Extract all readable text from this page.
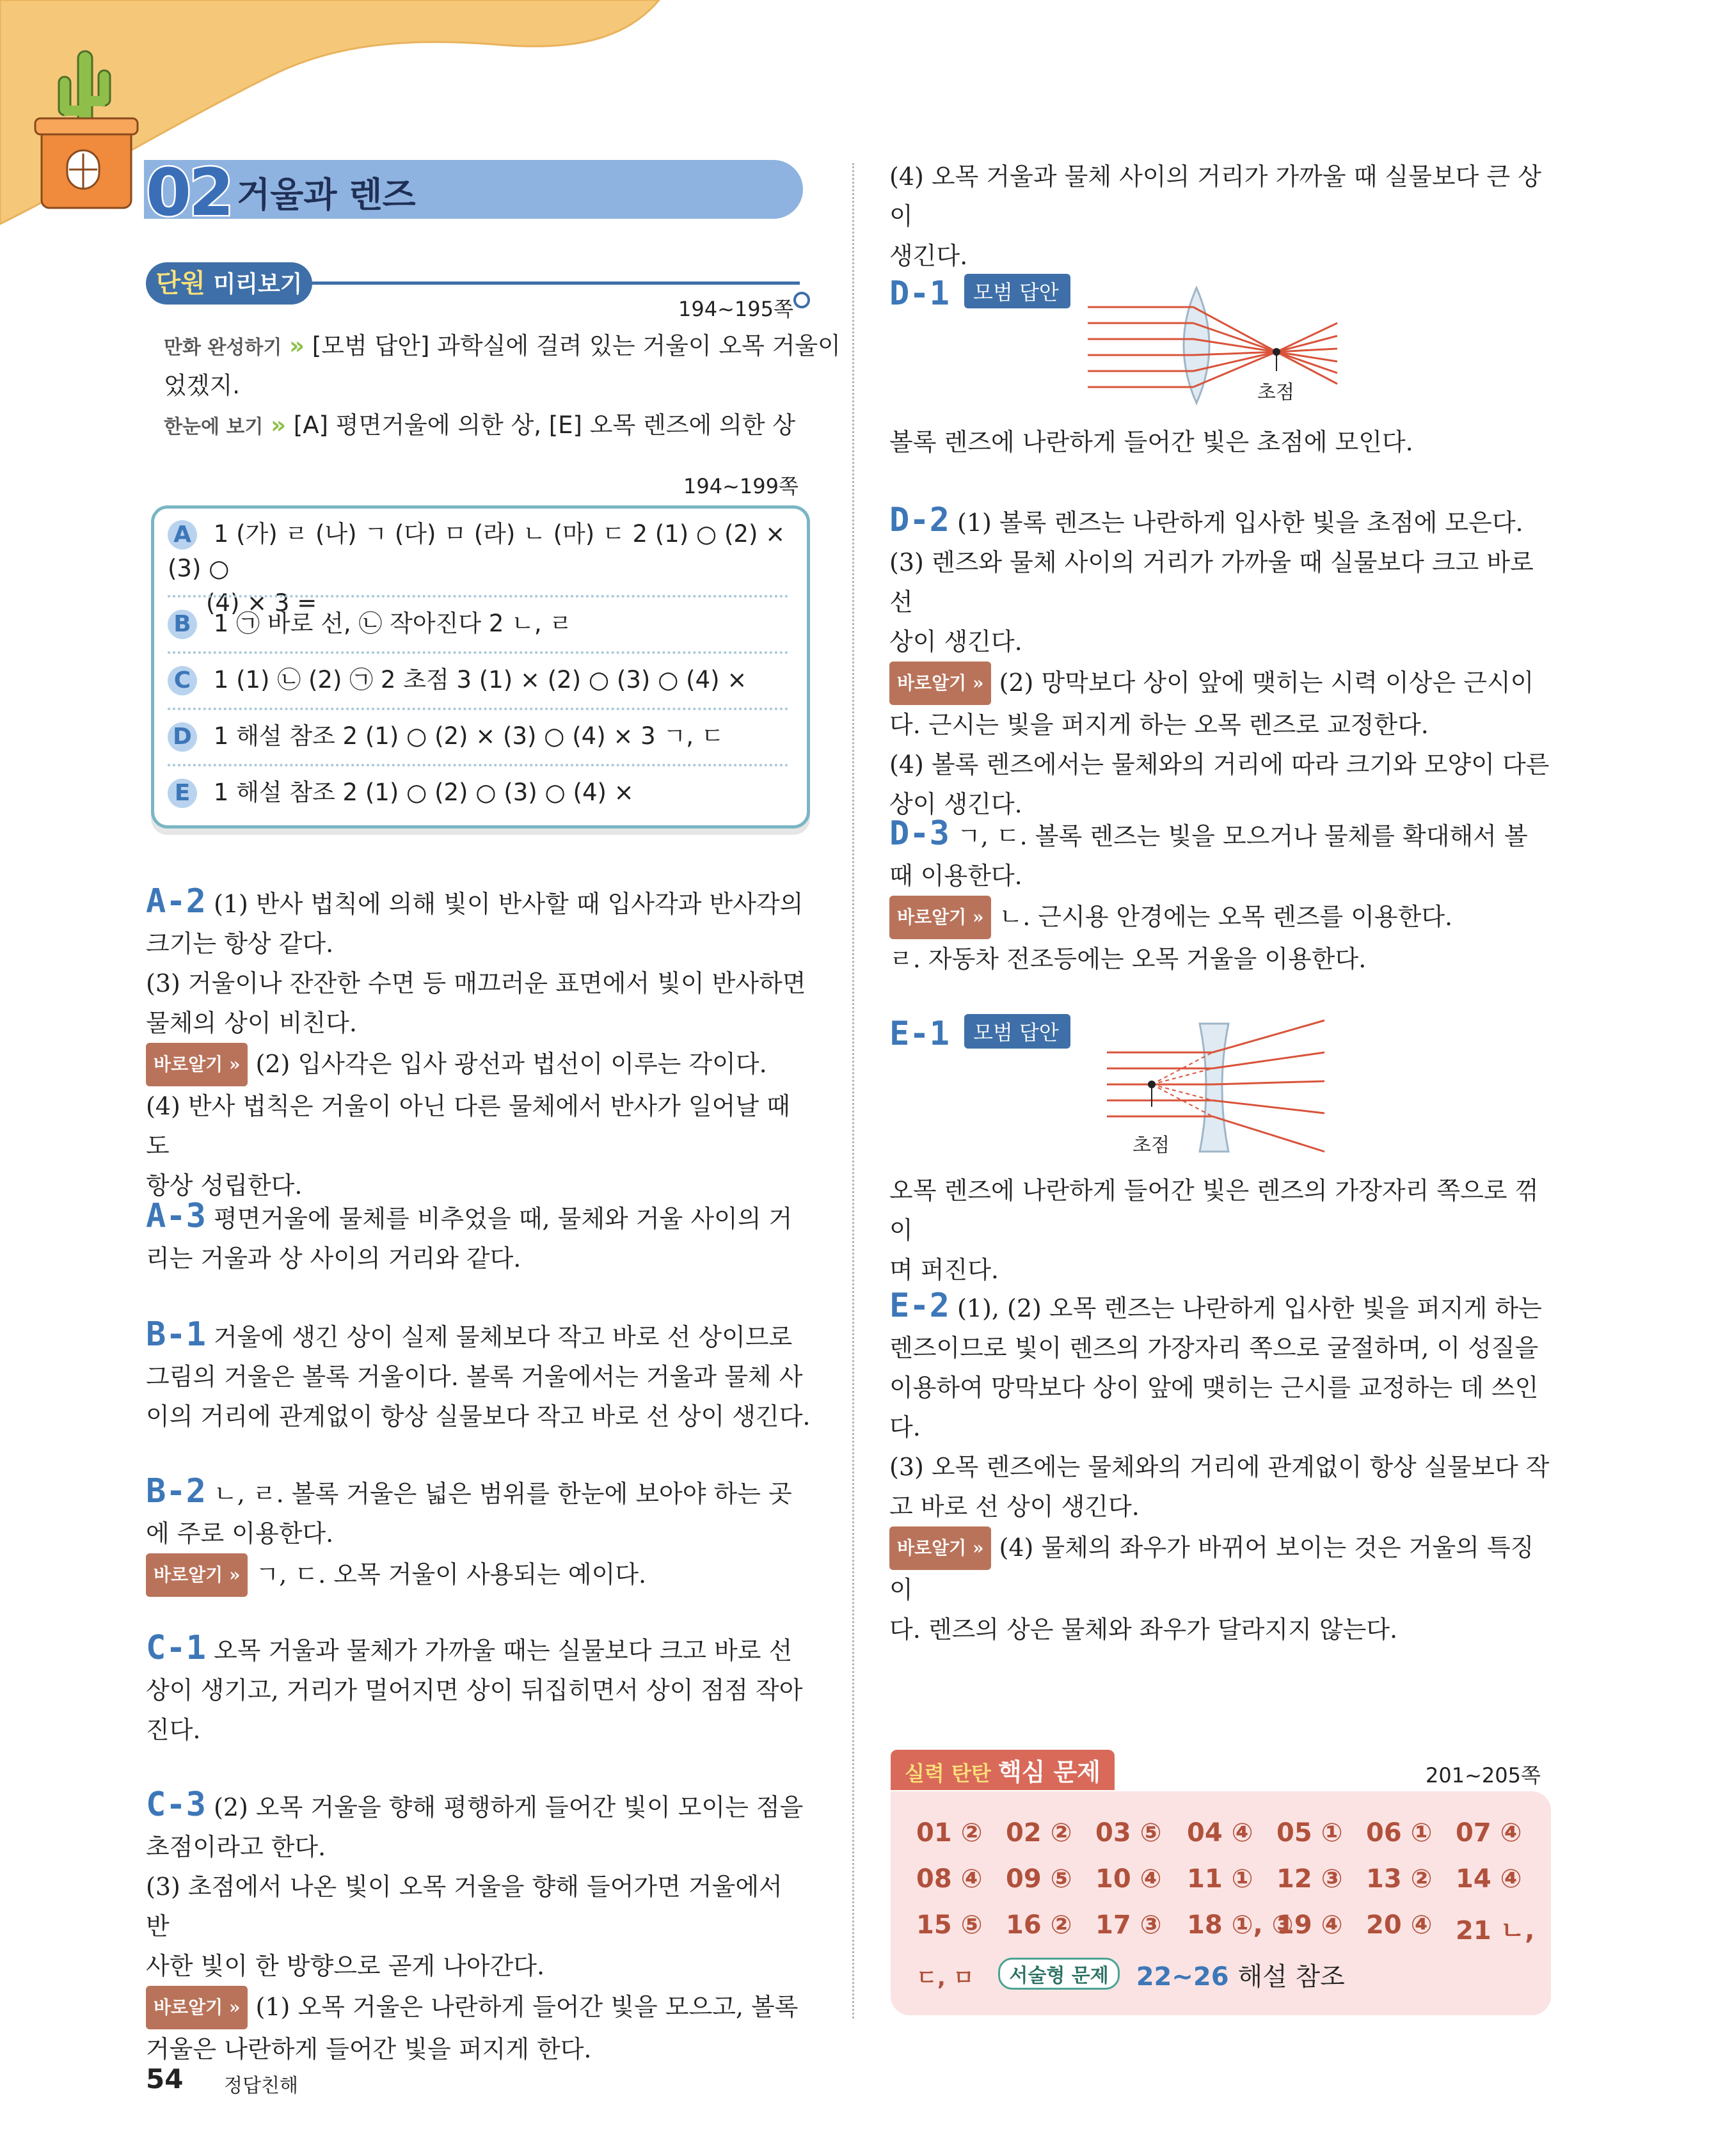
02 거울과 렌즈
단원 미리보기
194~195쪽
만화 완성하기 » [모범 답안] 과학실에 걸려 있는 거울이 오목 거울이
었겠지.
한눈에 보기 » [A] 평면거울에 의한 상, [E] 오목 렌즈에 의한 상
194~199쪽
A 1 (가) ㄹ (나) ㄱ (다) ㅁ (라) ㄴ (마) ㄷ 2 (1) ○ (2) × (3) ○
(4) × 3 =
B 1 ㉠ 바로 선, ㉡ 작아진다 2 ㄴ, ㄹ
C 1 (1) ㉡ (2) ㉠ 2 초점 3 (1) × (2) ○ (3) ○ (4) ×
D 1 해설 참조 2 (1) ○ (2) × (3) ○ (4) × 3 ㄱ, ㄷ
E 1 해설 참조 2 (1) ○ (2) ○ (3) ○ (4) ×
A-2 (1) 반사 법칙에 의해 빛이 반사할 때 입사각과 반사각의
크기는 항상 같다.
(3) 거울이나 잔잔한 수면 등 매끄러운 표면에서 빛이 반사하면
물체의 상이 비친다.
바로알기 » (2) 입사각은 입사 광선과 법선이 이루는 각이다.
(4) 반사 법칙은 거울이 아닌 다른 물체에서 반사가 일어날 때도
항상 성립한다.
A-3 평면거울에 물체를 비추었을 때, 물체와 거울 사이의 거
리는 거울과 상 사이의 거리와 같다.
B-1 거울에 생긴 상이 실제 물체보다 작고 바로 선 상이므로
그림의 거울은 볼록 거울이다. 볼록 거울에서는 거울과 물체 사
이의 거리에 관계없이 항상 실물보다 작고 바로 선 상이 생긴다.
B-2 ㄴ, ㄹ. 볼록 거울은 넓은 범위를 한눈에 보아야 하는 곳
에 주로 이용한다.
바로알기 » ㄱ, ㄷ. 오목 거울이 사용되는 예이다.
C-1 오목 거울과 물체가 가까울 때는 실물보다 크고 바로 선
상이 생기고, 거리가 멀어지면 상이 뒤집히면서 상이 점점 작아
진다.
C-3 (2) 오목 거울을 향해 평행하게 들어간 빛이 모이는 점을
초점이라고 한다.
(3) 초점에서 나온 빛이 오목 거울을 향해 들어가면 거울에서 반
사한 빛이 한 방향으로 곧게 나아간다.
바로알기 » (1) 오목 거울은 나란하게 들어간 빛을 모으고, 볼록
거울은 나란하게 들어간 빛을 퍼지게 한다.
(4) 오목 거울과 물체 사이의 거리가 가까울 때 실물보다 큰 상이
생긴다.
D-1 모범 답안
초점
볼록 렌즈에 나란하게 들어간 빛은 초점에 모인다.
D-2 (1) 볼록 렌즈는 나란하게 입사한 빛을 초점에 모은다.
(3) 렌즈와 물체 사이의 거리가 가까울 때 실물보다 크고 바로 선
상이 생긴다.
바로알기 » (2) 망막보다 상이 앞에 맺히는 시력 이상은 근시이
다. 근시는 빛을 퍼지게 하는 오목 렌즈로 교정한다.
(4) 볼록 렌즈에서는 물체와의 거리에 따라 크기와 모양이 다른
상이 생긴다.
D-3 ㄱ, ㄷ. 볼록 렌즈는 빛을 모으거나 물체를 확대해서 볼
때 이용한다.
바로알기 » ㄴ. 근시용 안경에는 오목 렌즈를 이용한다.
ㄹ. 자동차 전조등에는 오목 거울을 이용한다.
E-1 모범 답안
초점
오목 렌즈에 나란하게 들어간 빛은 렌즈의 가장자리 쪽으로 꺾이
며 퍼진다.
E-2 (1), (2) 오목 렌즈는 나란하게 입사한 빛을 퍼지게 하는
렌즈이므로 빛이 렌즈의 가장자리 쪽으로 굴절하며, 이 성질을
이용하여 망막보다 상이 앞에 맺히는 근시를 교정하는 데 쓰인다.
(3) 오목 렌즈에는 물체와의 거리에 관계없이 항상 실물보다 작
고 바로 선 상이 생긴다.
바로알기 » (4) 물체의 좌우가 바뀌어 보이는 것은 거울의 특징이
다. 렌즈의 상은 물체와 좌우가 달라지지 않는다.
실력 탄탄 핵심 문제	201~205쪽
01 ② 02 ② 03 ⑤ 04 ④ 05 ① 06 ① 07 ④
08 ④ 09 ⑤ 10 ④ 11 ① 12 ③ 13 ② 14 ④
15 ⑤ 16 ② 17 ③ 18 ①, ③
19 ④ 20 ④ 21 ㄴ,
ㄷ, ㅁ 서술형 문제 22~26 해설 참조
54 정답친해
